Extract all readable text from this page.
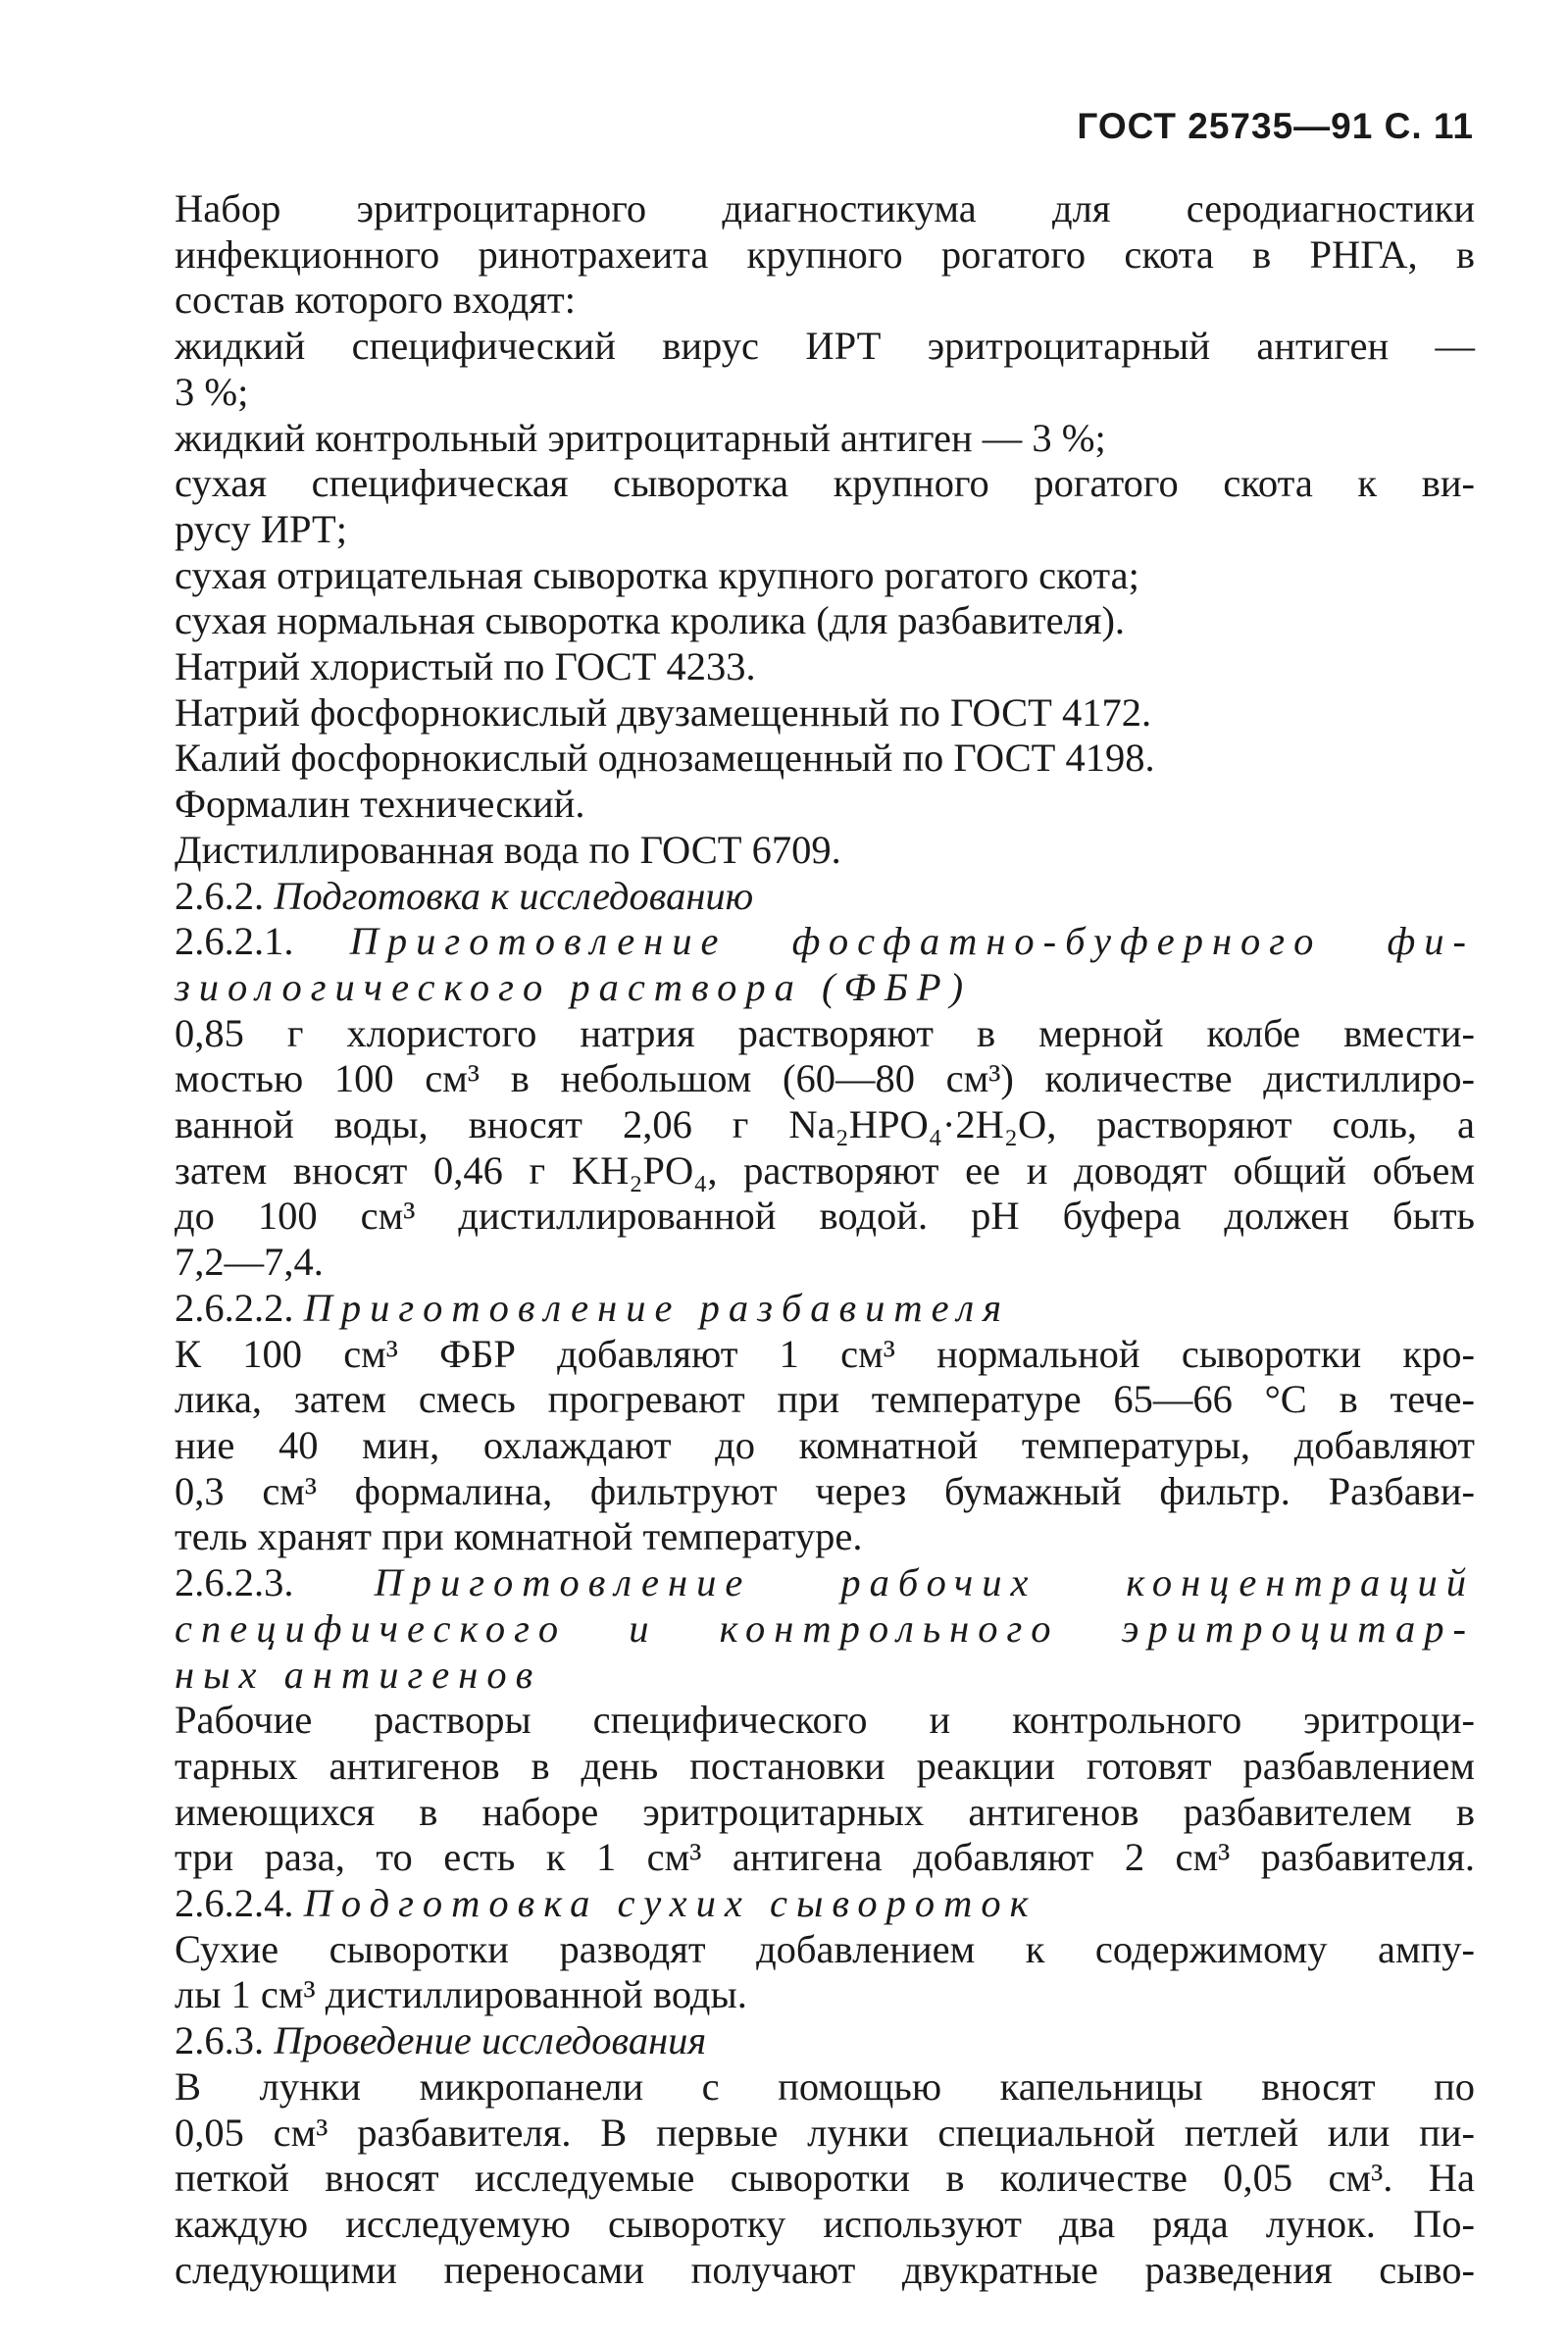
ГОСТ 25735—91 С. 11

Набор эритроцитарного диагностикума для серодиагностики

инфекционного ринотрахеита крупного рогатого скота в РНГА, в

состав которого входят:

жидкий специфический вирус ИРТ эритроцитарный антиген —

3 %;

жидкий контрольный эритроцитарный антиген — 3 %;

сухая специфическая сыворотка крупного рогатого скота к ви-

русу ИРТ;

сухая отрицательная сыворотка крупного рогатого скота;

сухая нормальная сыворотка кролика (для разбавителя).

Натрий хлористый по ГОСТ 4233.

Натрий фосфорнокислый двузамещенный по ГОСТ 4172.

Калий фосфорнокислый однозамещенный по ГОСТ 4198.

Формалин технический.

Дистиллированная вода по ГОСТ 6709.

2.6.2. Подготовка к исследованию

2.6.2.1. Приготовление фосфатно-буферного фи-

зиологического раствора (ФБР)

0,85 г хлористого натрия растворяют в мерной колбе вмести-

мостью 100 см³ в небольшом (60—80 см³) количестве дистиллиро-

ванной воды, вносят 2,06 г Na₂HPO₄·2H₂O, растворяют соль, а

затем вносят 0,46 г KH₂PO₄, растворяют ее и доводят общий объем

до 100 см³ дистиллированной водой. pH буфера должен быть

7,2—7,4.

2.6.2.2. Приготовление разбавителя

К 100 см³ ФБР добавляют 1 см³ нормальной сыворотки кро-

лика, затем смесь прогревают при температуре 65—66 °С в тече-

ние 40 мин, охлаждают до комнатной температуры, добавляют

0,3 см³ формалина, фильтруют через бумажный фильтр. Разбави-

тель хранят при комнатной температуре.

2.6.2.3. Приготовление рабочих концентраций

специфического и контрольного эритроцитар-

ных антигенов

Рабочие растворы специфического и контрольного эритроци-

тарных антигенов в день постановки реакции готовят разбавлением

имеющихся в наборе эритроцитарных антигенов разбавителем в

три раза, то есть к 1 см³ антигена добавляют 2 см³ разбавителя.

2.6.2.4. Подготовка сухих сывороток

Сухие сыворотки разводят добавлением к содержимому ампу-

лы 1 см³ дистиллированной воды.

2.6.3. Проведение исследования

В лунки микропанели с помощью капельницы вносят по

0,05 см³ разбавителя. В первые лунки специальной петлей или пи-

петкой вносят исследуемые сыворотки в количестве 0,05 см³. На

каждую исследуемую сыворотку используют два ряда лунок. По-

следующими переносами получают двукратные разведения сыво-
